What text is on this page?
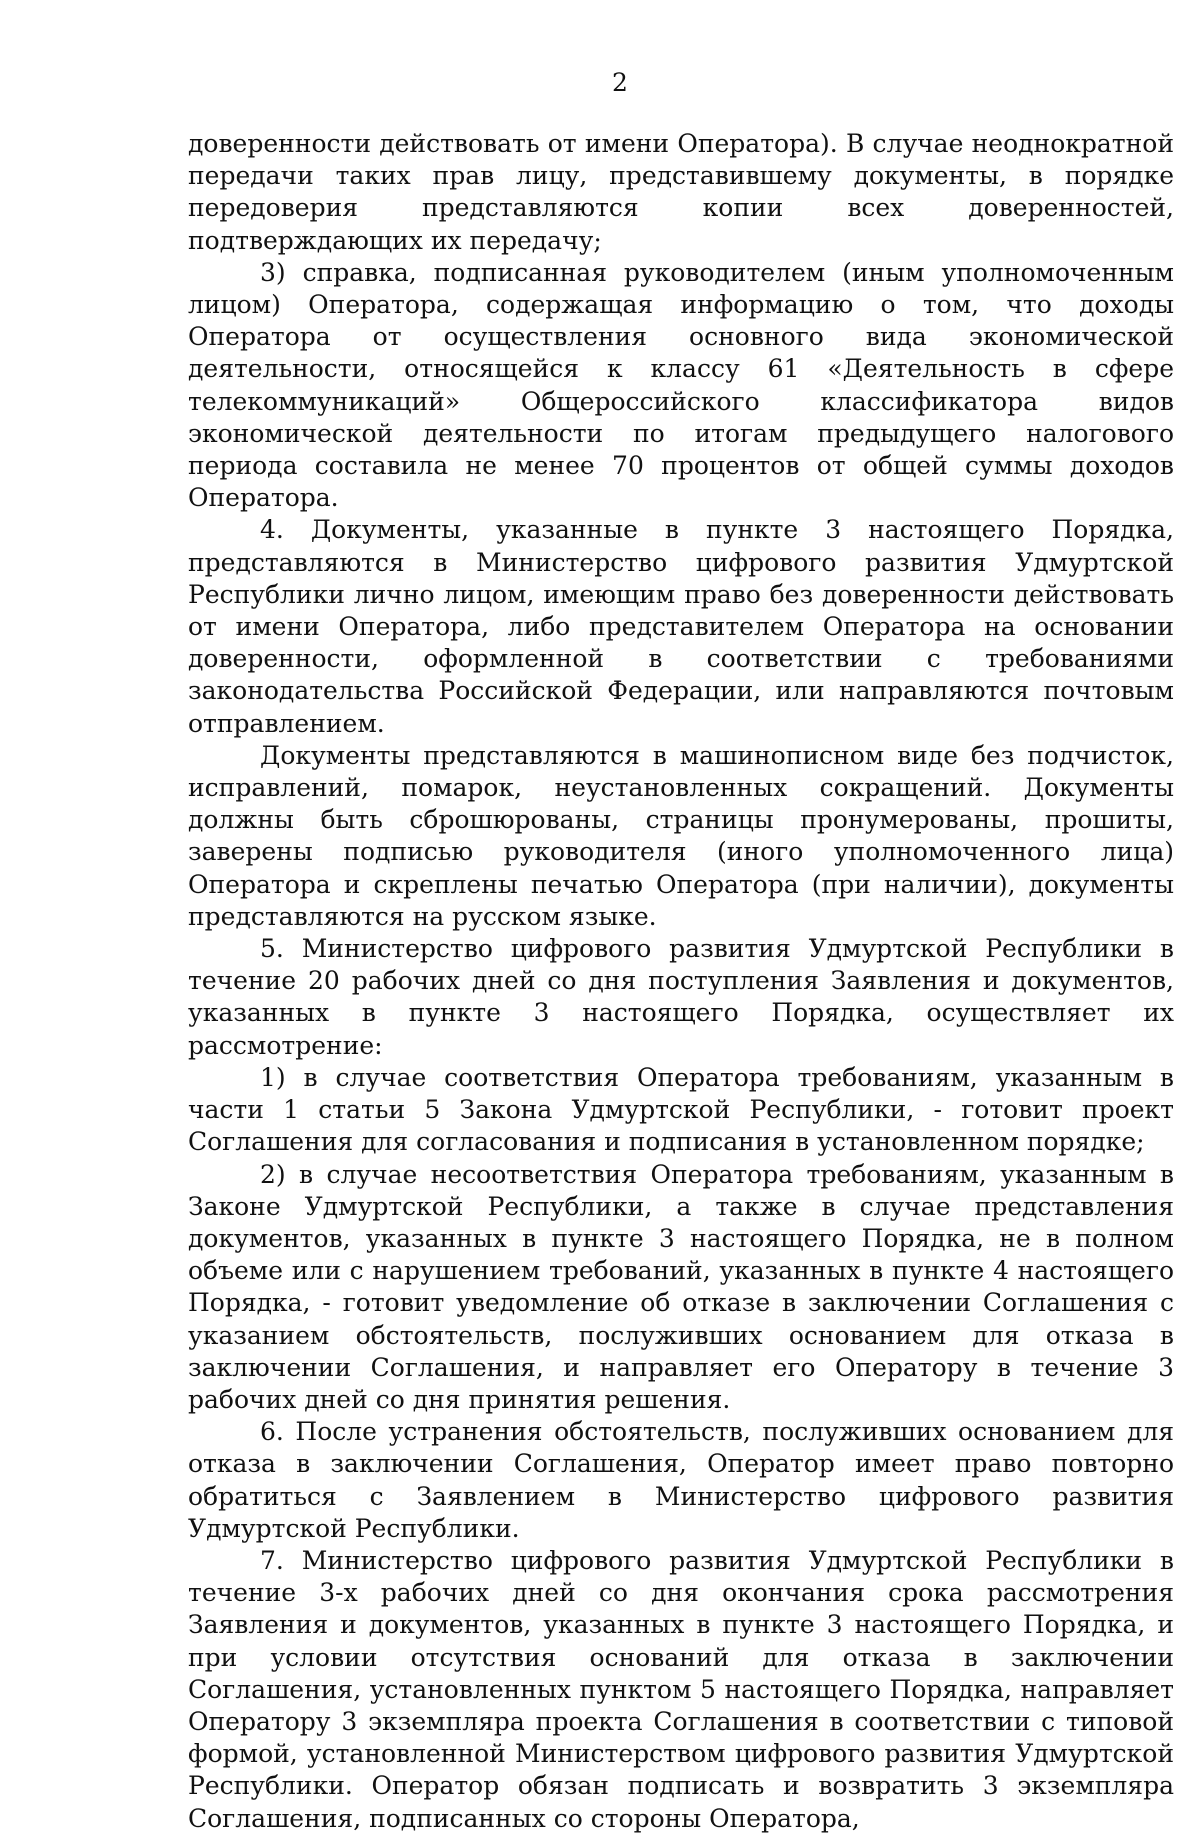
2

доверенности действовать от имени Оператора). В случае неоднократной передачи таких прав лицу, представившему документы, в порядке передоверия представляются копии всех доверенностей, подтверждающих их передачу;

3) справка, подписанная руководителем (иным уполномоченным лицом) Оператора, содержащая информацию о том, что доходы Оператора от осуществления основного вида экономической деятельности, относящейся к классу 61 «Деятельность в сфере телекоммуникаций» Общероссийского классификатора видов экономической деятельности по итогам предыдущего налогового периода составила не менее 70 процентов от общей суммы доходов Оператора.

4. Документы, указанные в пункте 3 настоящего Порядка, представляются в Министерство цифрового развития Удмуртской Республики лично лицом, имеющим право без доверенности действовать от имени Оператора, либо представителем Оператора на основании доверенности, оформленной в соответствии с требованиями законодательства Российской Федерации, или направляются почтовым отправлением.

Документы представляются в машинописном виде без подчисток, исправлений, помарок, неустановленных сокращений. Документы должны быть сброшюрованы, страницы пронумерованы, прошиты, заверены подписью руководителя (иного уполномоченного лица) Оператора и скреплены печатью Оператора (при наличии), документы представляются на русском языке.

5. Министерство цифрового развития Удмуртской Республики в течение 20 рабочих дней со дня поступления Заявления и документов, указанных в пункте 3 настоящего Порядка, осуществляет их рассмотрение:

1) в случае соответствия Оператора требованиям, указанным в части 1 статьи 5 Закона Удмуртской Республики, - готовит проект Соглашения для согласования и подписания в установленном порядке;

2) в случае несоответствия Оператора требованиям, указанным в Законе Удмуртской Республики, а также в случае представления документов, указанных в пункте 3 настоящего Порядка, не в полном объеме или с нарушением требований, указанных в пункте 4 настоящего Порядка, - готовит уведомление об отказе в заключении Соглашения с указанием обстоятельств, послуживших основанием для отказа в заключении Соглашения, и направляет его Оператору в течение 3 рабочих дней со дня принятия решения.

6. После устранения обстоятельств, послуживших основанием для отказа в заключении Соглашения, Оператор имеет право повторно обратиться с Заявлением в Министерство цифрового развития Удмуртской Республики.

7. Министерство цифрового развития Удмуртской Республики в течение 3-х рабочих дней со дня окончания срока рассмотрения Заявления и документов, указанных в пункте 3 настоящего Порядка, и при условии отсутствия оснований для отказа в заключении Соглашения, установленных пунктом 5 настоящего Порядка, направляет Оператору 3 экземпляра проекта Соглашения в соответствии с типовой формой, установленной Министерством цифрового развития Удмуртской Республики. Оператор обязан подписать и возвратить 3 экземпляра Соглашения, подписанных со стороны Оператора,
